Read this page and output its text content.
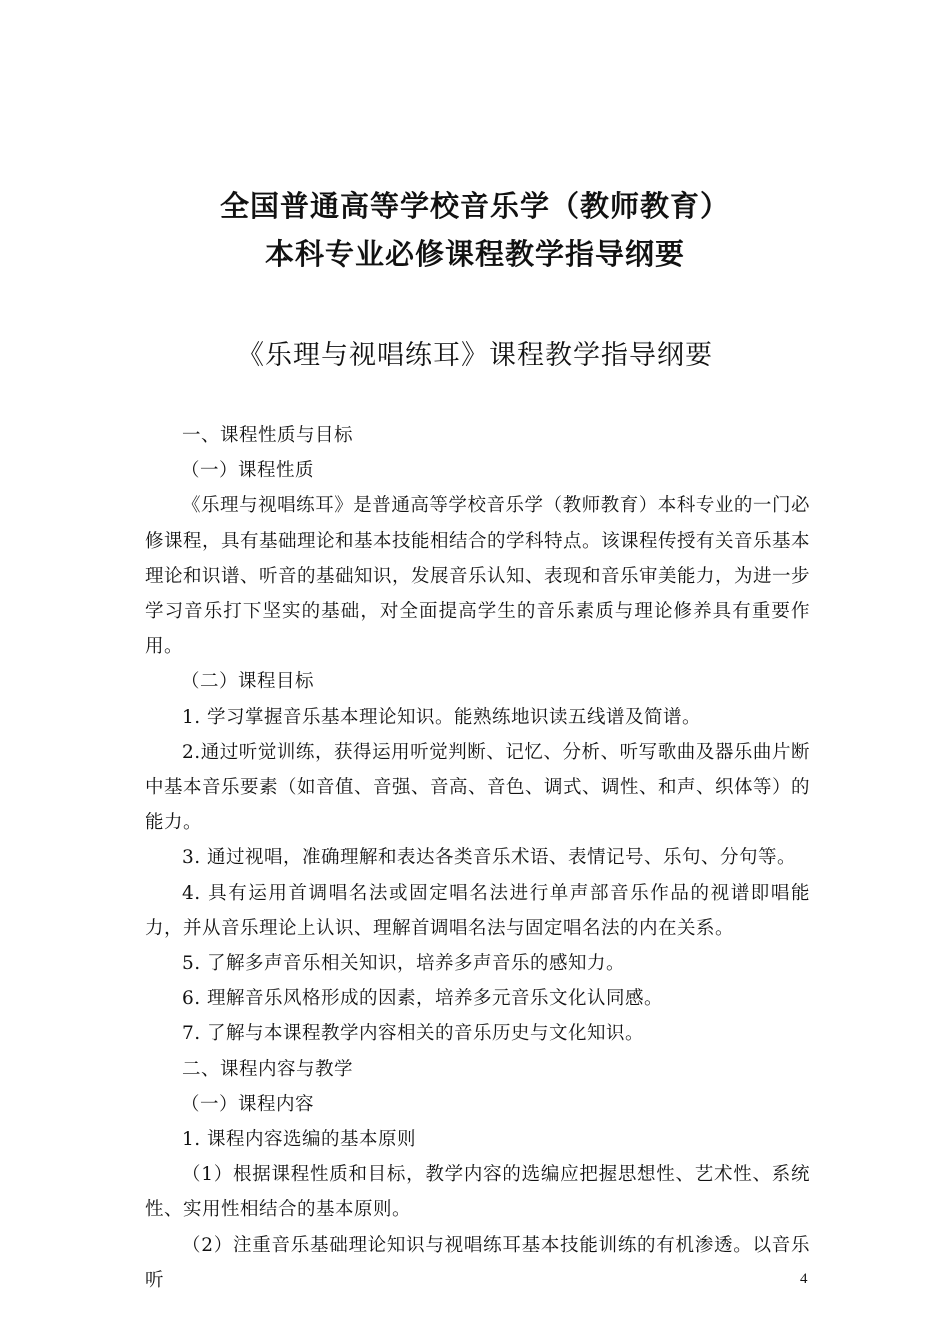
全国普通高等学校音乐学（教师教育）
本科专业必修课程教学指导纲要
《乐理与视唱练耳》课程教学指导纲要

一、课程性质与目标

（一）课程性质

《乐理与视唱练耳》是普通高等学校音乐学（教师教育）本科专业的一门必修课程，具有基础理论和基本技能相结合的学科特点。该课程传授有关音乐基本理论和识谱、听音的基础知识，发展音乐认知、表现和音乐审美能力，为进一步学习音乐打下坚实的基础，对全面提高学生的音乐素质与理论修养具有重要作用。

（二）课程目标

1. 学习掌握音乐基本理论知识。能熟练地识读五线谱及简谱。

2.通过听觉训练，获得运用听觉判断、记忆、分析、听写歌曲及器乐曲片断中基本音乐要素（如音值、音强、音高、音色、调式、调性、和声、织体等）的能力。

3. 通过视唱，准确理解和表达各类音乐术语、表情记号、乐句、分句等。

4. 具有运用首调唱名法或固定唱名法进行单声部音乐作品的视谱即唱能力，并从音乐理论上认识、理解首调唱名法与固定唱名法的内在关系。

5. 了解多声音乐相关知识，培养多声音乐的感知力。

6. 理解音乐风格形成的因素，培养多元音乐文化认同感。

7. 了解与本课程教学内容相关的音乐历史与文化知识。

二、课程内容与教学

（一）课程内容

1. 课程内容选编的基本原则

（1）根据课程性质和目标，教学内容的选编应把握思想性、艺术性、系统性、实用性相结合的基本原则。

（2）注重音乐基础理论知识与视唱练耳基本技能训练的有机渗透。以音乐听	4
